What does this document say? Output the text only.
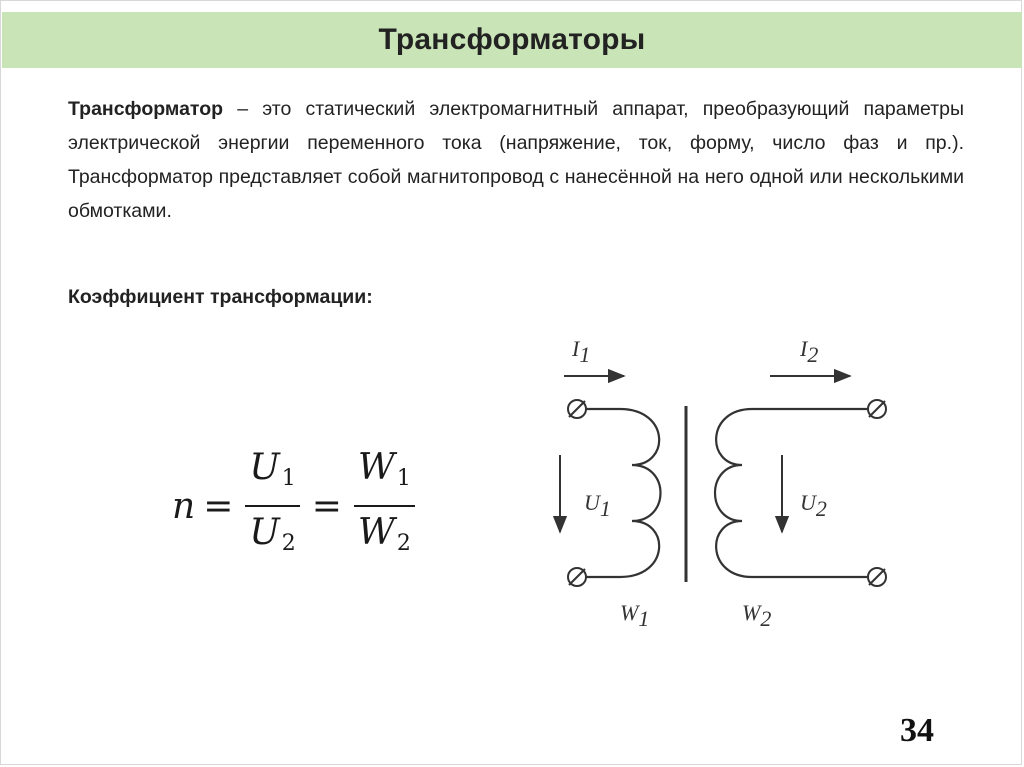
Трансформаторы
Трансформатор – это статический электромагнитный аппарат, преобразующий параметры электрической энергии переменного тока (напряжение, ток, форму, число фаз и пр.). Трансформатор представляет собой магнитопровод с нанесённой на него одной или несколькими обмотками.
Коэффициент трансформации:
$n = \frac{U_1}{U_2} = \frac{W_1}{W_2}$
I1	I2
U1	U2
W1	W2
34
